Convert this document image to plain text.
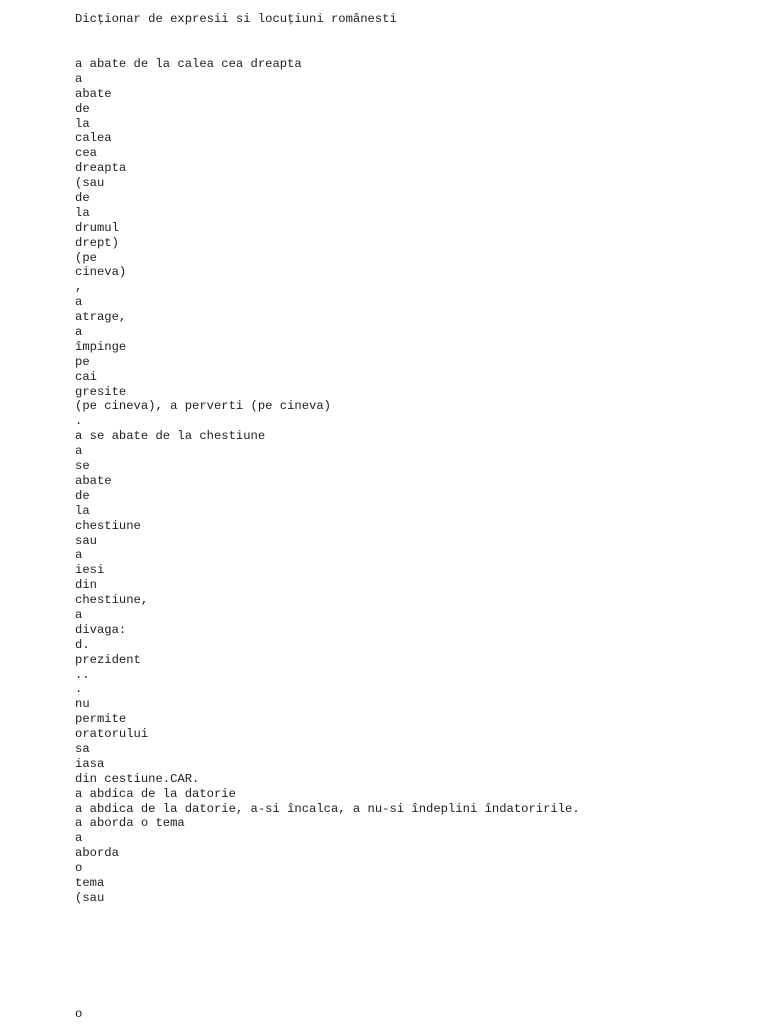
Dicționar de expresii si locuțiuni românesti
a abate de la calea cea dreapta
a
abate
de
la
calea
cea
dreapta
(sau
de
la
drumul
drept)
(pe
cineva)
,
a
atrage,
a
împinge
pe
cai
gresite
(pe cineva), a perverti (pe cineva)
.
a se abate de la chestiune
a
se
abate
de
la
chestiune
sau
a
iesi
din
chestiune,
a
divaga:
d.
prezident
..
.
nu
permite
oratorului
sa
iasa
din cestiune.CAR.
a abdica de la datorie
a abdica de la datorie, a-si încalca, a nu-si îndeplini îndatoririle.
a aborda o tema
a
aborda
o
tema
(sau
o
